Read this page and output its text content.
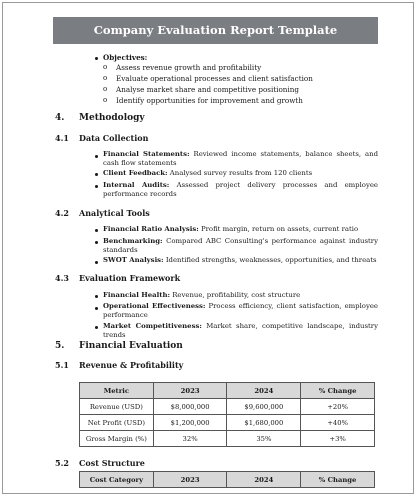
Company Evaluation Report Template
Objectives:
o Assess revenue growth and profitability
o Evaluate operational processes and client satisfaction
o Analyse market share and competitive positioning
o Identify opportunities for improvement and growth
4. Methodology
4.1 Data Collection
Financial Statements: Reviewed income statements, balance sheets, and cash flow statements
Client Feedback: Analysed survey results from 120 clients
Internal Audits: Assessed project delivery processes and employee performance records
4.2 Analytical Tools
Financial Ratio Analysis: Profit margin, return on assets, current ratio
Benchmarking: Compared ABC Consulting's performance against industry standards
SWOT Analysis: Identified strengths, weaknesses, opportunities, and threats
4.3 Evaluation Framework
Financial Health: Revenue, profitability, cost structure
Operational Effectiveness: Process efficiency, client satisfaction, employee performance
Market Competitiveness: Market share, competitive landscape, industry trends
5. Financial Evaluation
5.1 Revenue & Profitability
Metric	2023	2024	% Change
Revenue (USD)	$8,000,000	$9,600,000	+20%
Net Profit (USD)	$1,200,000	$1,680,000	+40%
Gross Margin (%)	32%	35%	+3%
5.2 Cost Structure
Cost Category	2023	2024	% Change
